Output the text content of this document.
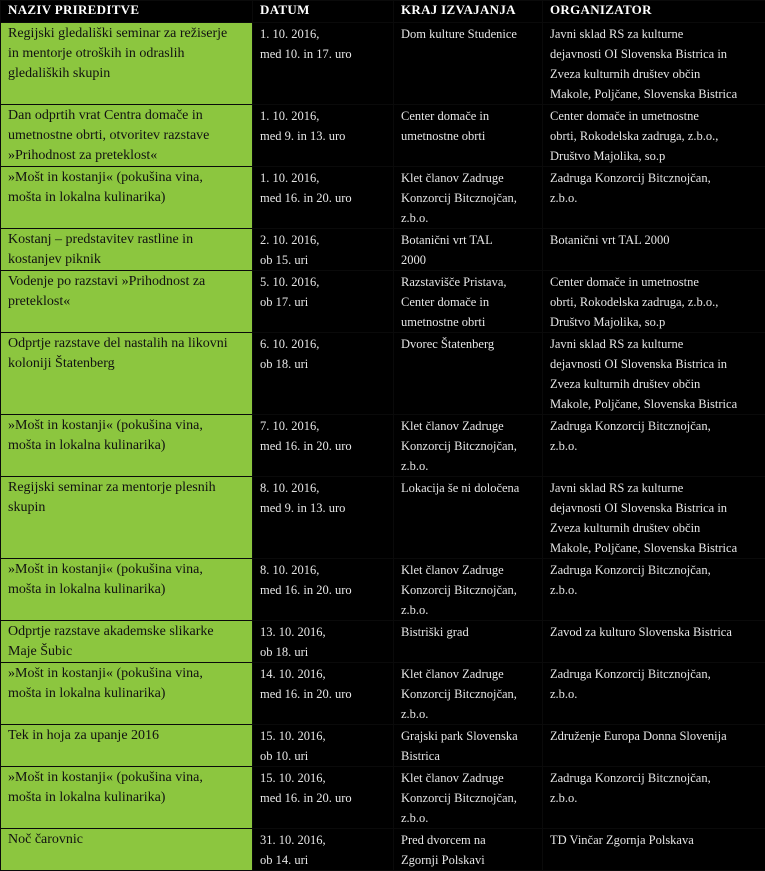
NAZIV PRIREDITVE	DATUM	KRAJ IZVAJANJA	ORGANIZATOR

Regijski gledališki seminar za režiserje
in mentorje otroških in odraslih
gledaliških skupin	1. 10. 2016,
med 10. in 17. uro	Dom kulture Studenice	Javni sklad RS za kulturne
dejavnosti OI Slovenska Bistrica in
Zveza kulturnih društev občin
Makole, Poljčane, Slovenska Bistrica

Dan odprtih vrat Centra domače in
umetnostne obrti, otvoritev razstave
»Prihodnost za preteklost«	1. 10. 2016,
med 9. in 13. uro	Center domače in
umetnostne obrti	Center domače in umetnostne
obrti, Rokodelska zadruga, z.b.o.,
Društvo Majolika, so.p

»Mošt in kostanji« (pokušina vina,
mošta in lokalna kulinarika)	1. 10. 2016,
med 16. in 20. uro	Klet članov Zadruge
Konzorcij Bitcznojčan,
z.b.o.	Zadruga Konzorcij Bitcznojčan,
z.b.o.

Kostanj – predstavitev rastline in
kostanjev piknik	2. 10. 2016,
ob 15. uri	Botanični vrt TAL
2000	Botanični vrt TAL 2000

Vodenje po razstavi »Prihodnost za
preteklost«	5. 10. 2016,
ob 17. uri	Razstavišče Pristava,
Center domače in
umetnostne obrti	Center domače in umetnostne
obrti, Rokodelska zadruga, z.b.o.,
Društvo Majolika, so.p

Odprtje razstave del nastalih na likovni
koloniji Štatenberg	6. 10. 2016,
ob 18. uri	Dvorec Štatenberg	Javni sklad RS za kulturne
dejavnosti OI Slovenska Bistrica in
Zveza kulturnih društev občin
Makole, Poljčane, Slovenska Bistrica

»Mošt in kostanji« (pokušina vina,
mošta in lokalna kulinarika)	7. 10. 2016,
med 16. in 20. uro	Klet članov Zadruge
Konzorcij Bitcznojčan,
z.b.o.	Zadruga Konzorcij Bitcznojčan,
z.b.o.

Regijski seminar za mentorje plesnih
skupin	8. 10. 2016,
med 9. in 13. uro	Lokacija še ni določena	Javni sklad RS za kulturne
dejavnosti OI Slovenska Bistrica in
Zveza kulturnih društev občin
Makole, Poljčane, Slovenska Bistrica

»Mošt in kostanji« (pokušina vina,
mošta in lokalna kulinarika)	8. 10. 2016,
med 16. in 20. uro	Klet članov Zadruge
Konzorcij Bitcznojčan,
z.b.o.	Zadruga Konzorcij Bitcznojčan,
z.b.o.

Odprtje razstave akademske slikarke
Maje Šubic	13. 10. 2016,
ob 18. uri	Bistriški grad	Zavod za kulturo Slovenska Bistrica

»Mošt in kostanji« (pokušina vina,
mošta in lokalna kulinarika)	14. 10. 2016,
med 16. in 20. uro	Klet članov Zadruge
Konzorcij Bitcznojčan,
z.b.o.	Zadruga Konzorcij Bitcznojčan,
z.b.o.

Tek in hoja za upanje 2016	15. 10. 2016,
ob 10. uri	Grajski park Slovenska
Bistrica	Združenje Europa Donna Slovenija

»Mošt in kostanji« (pokušina vina,
mošta in lokalna kulinarika)	15. 10. 2016,
med 16. in 20. uro	Klet članov Zadruge
Konzorcij Bitcznojčan,
z.b.o.	Zadruga Konzorcij Bitcznojčan,
z.b.o.

Noč čarovnic	31. 10. 2016,
ob 14. uri	Pred dvorcem na
Zgornji Polskavi	TD Vinčar Zgornja Polskava
